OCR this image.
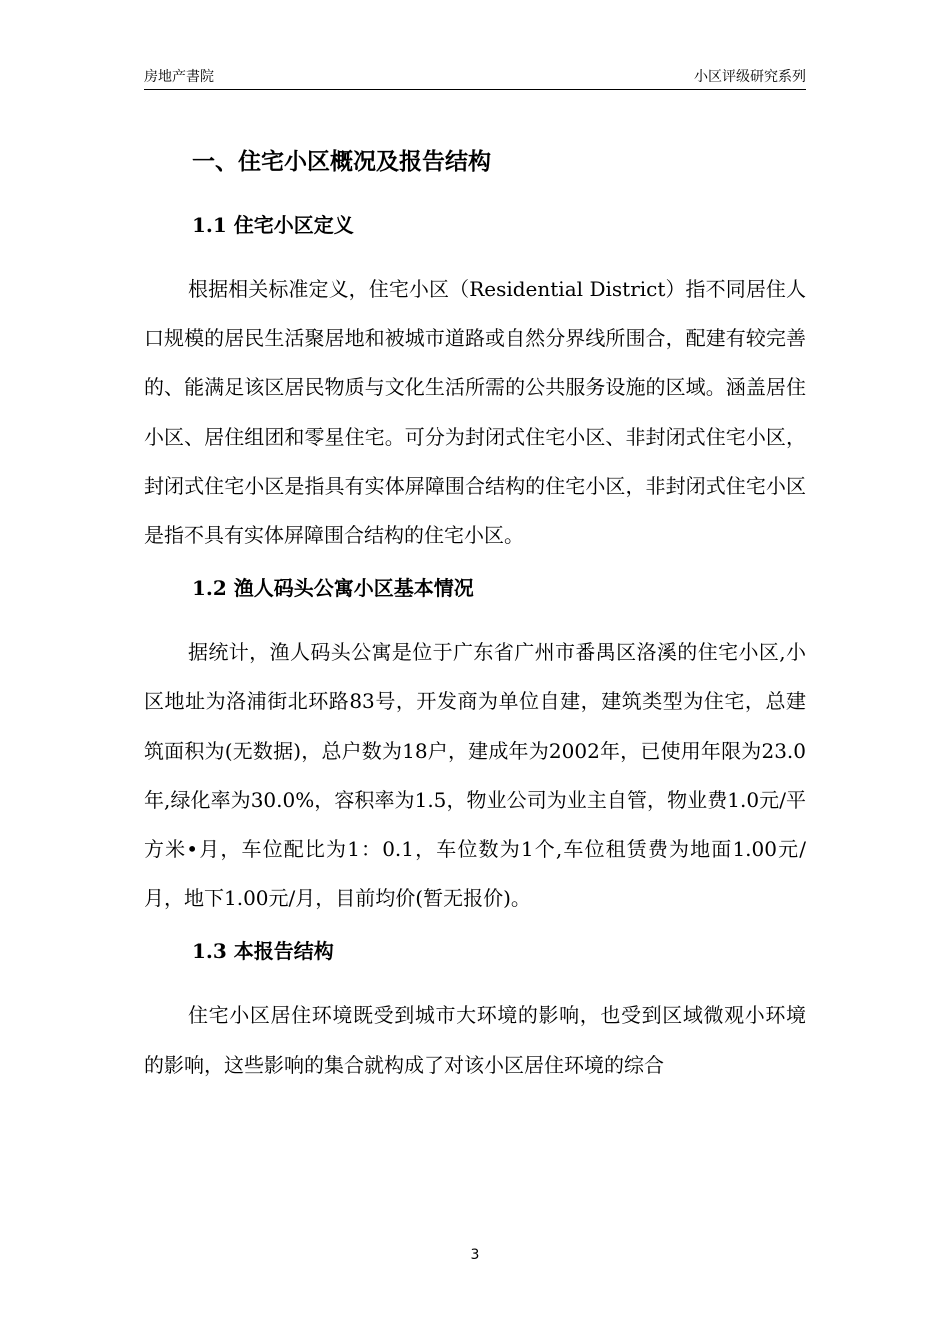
房地产書院	小区评级研究系列
一、住宅小区概况及报告结构
1.1 住宅小区定义

根据相关标准定义，住宅小区（Residential District）指不同居住人口规模的居民生活聚居地和被城市道路或自然分界线所围合，配建有较完善的、能满足该区居民物质与文化生活所需的公共服务设施的区域。涵盖居住小区、居住组团和零星住宅。可分为封闭式住宅小区、非封闭式住宅小区，封闭式住宅小区是指具有实体屏障围合结构的住宅小区，非封闭式住宅小区是指不具有实体屏障围合结构的住宅小区。

1.2 渔人码头公寓小区基本情况

据统计，渔人码头公寓是位于广东省广州市番禺区洛溪的住宅小区,小区地址为洛浦街北环路83号，开发商为单位自建，建筑类型为住宅，总建筑面积为(无数据)，总户数为18户，建成年为2002年，已使用年限为23.0年,绿化率为30.0%，容积率为1.5，物业公司为业主自管，物业费1.0元/平方米•月，车位配比为1：0.1，车位数为1个,车位租赁费为地面1.00元/月，地下1.00元/月，目前均价(暂无报价)。

1.3 本报告结构

住宅小区居住环境既受到城市大环境的影响，也受到区域微观小环境的影响，这些影响的集合就构成了对该小区居住环境的综合

3
